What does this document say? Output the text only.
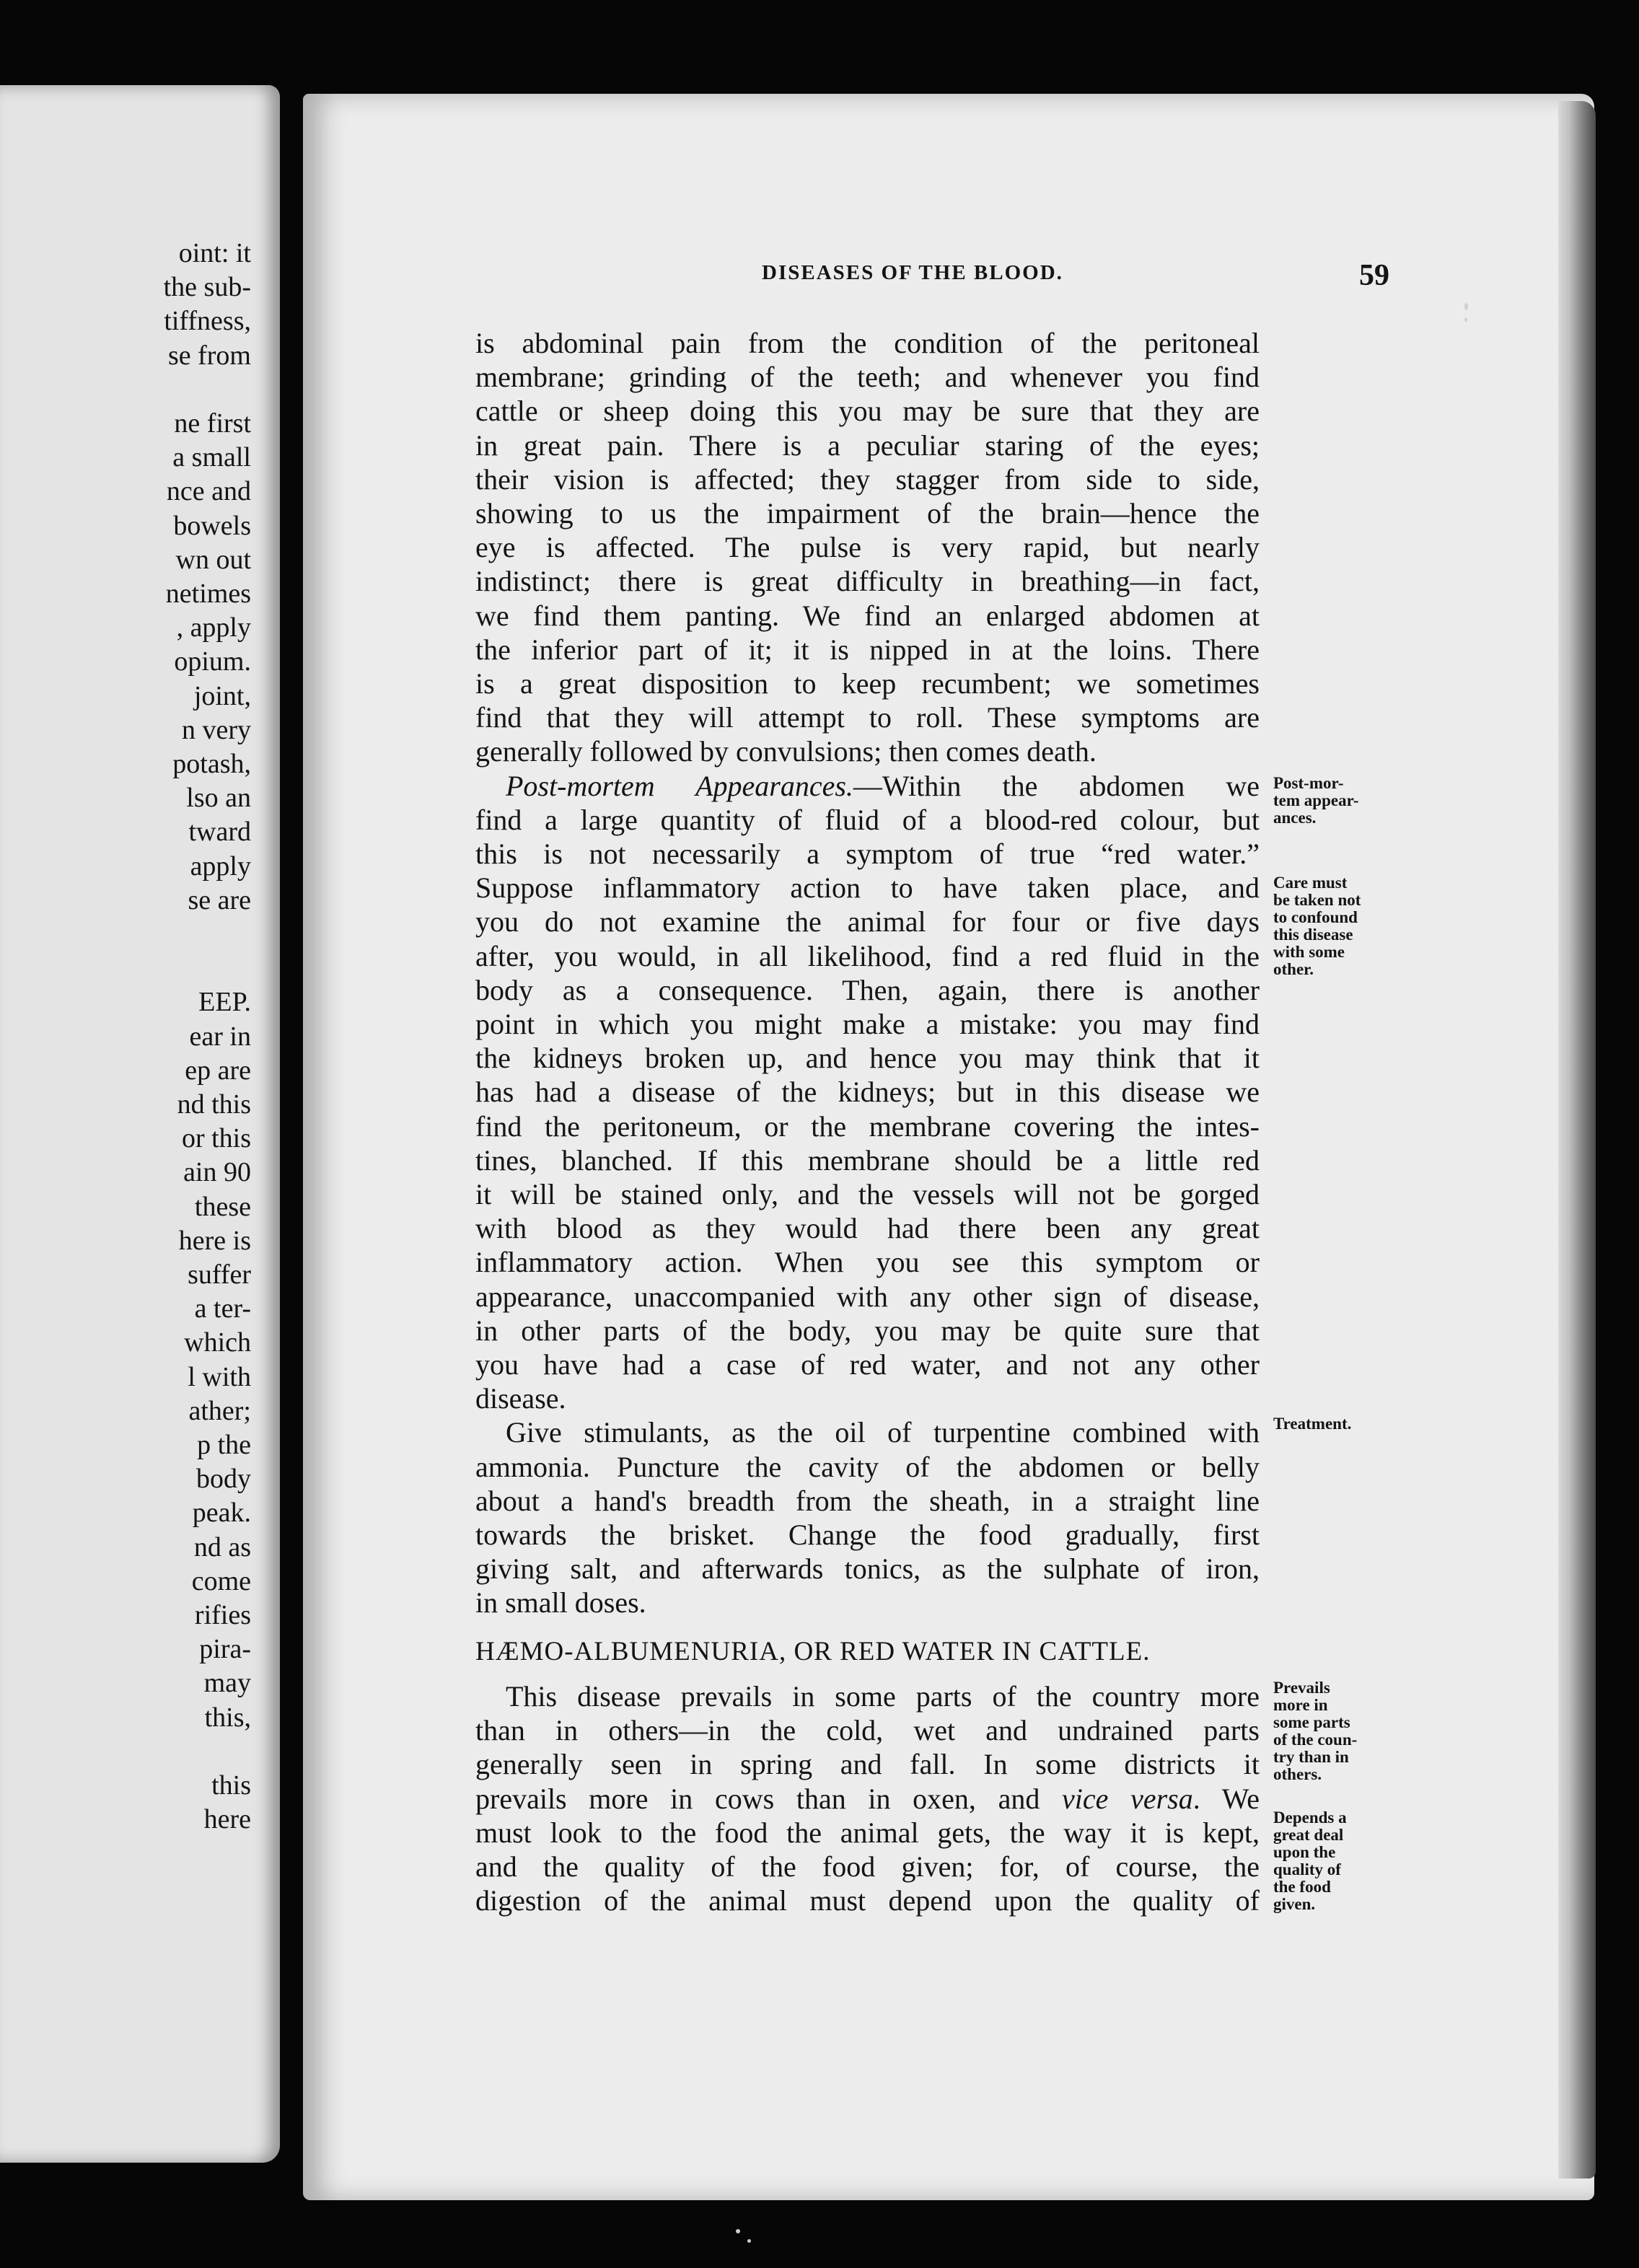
oint: it
the sub-
tiffness,
se from
ne first
a small
nce and
bowels
wn out
netimes
, apply
opium.
joint,
n very
potash,
lso an
tward
apply
se are
EEP.
ear in
ep are
nd this
or this
ain 90
these
here is
suffer
a ter-
which
l with
ather;
p the
body
peak.
nd as
come
rifies
pira-
may
this,
this
here
DISEASES OF THE BLOOD.	59
is abdominal pain from the condition of the peritoneal
membrane; grinding of the teeth; and whenever you find
cattle or sheep doing this you may be sure that they are
in great pain. There is a peculiar staring of the eyes;
their vision is affected; they stagger from side to side,
showing to us the impairment of the brain—hence the
eye is affected. The pulse is very rapid, but nearly
indistinct; there is great difficulty in breathing—in fact,
we find them panting. We find an enlarged abdomen at
the inferior part of it; it is nipped in at the loins. There
is a great disposition to keep recumbent; we sometimes
find that they will attempt to roll. These symptoms are
generally followed by convulsions; then comes death.
Post-mortem Appearances.—Within the abdomen we
find a large quantity of fluid of a blood-red colour, but
this is not necessarily a symptom of true “red water.”
Suppose inflammatory action to have taken place, and
you do not examine the animal for four or five days
after, you would, in all likelihood, find a red fluid in the
body as a consequence. Then, again, there is another
point in which you might make a mistake: you may find
the kidneys broken up, and hence you may think that it
has had a disease of the kidneys; but in this disease we
find the peritoneum, or the membrane covering the intes-
tines, blanched. If this membrane should be a little red
it will be stained only, and the vessels will not be gorged
with blood as they would had there been any great
inflammatory action. When you see this symptom or
appearance, unaccompanied with any other sign of disease,
in other parts of the body, you may be quite sure that
you have had a case of red water, and not any other
disease.
Give stimulants, as the oil of turpentine combined with
ammonia. Puncture the cavity of the abdomen or belly
about a hand's breadth from the sheath, in a straight line
towards the brisket. Change the food gradually, first
giving salt, and afterwards tonics, as the sulphate of iron,
in small doses.
This disease prevails in some parts of the country more
than in others—in the cold, wet and undrained parts
generally seen in spring and fall. In some districts it
prevails more in cows than in oxen, and vice versa. We
must look to the food the animal gets, the way it is kept,
and the quality of the food given; for, of course, the
digestion of the animal must depend upon the quality of
HÆMO-ALBUMENURIA, OR RED WATER IN CATTLE.
Post-mor-
tem appear-
ances.
Care must
be taken not
to confound
this disease
with some
other.
Treatment.
Prevails
more in
some parts
of the coun-
try than in
others.
Depends a
great deal
upon the
quality of
the food
given.
